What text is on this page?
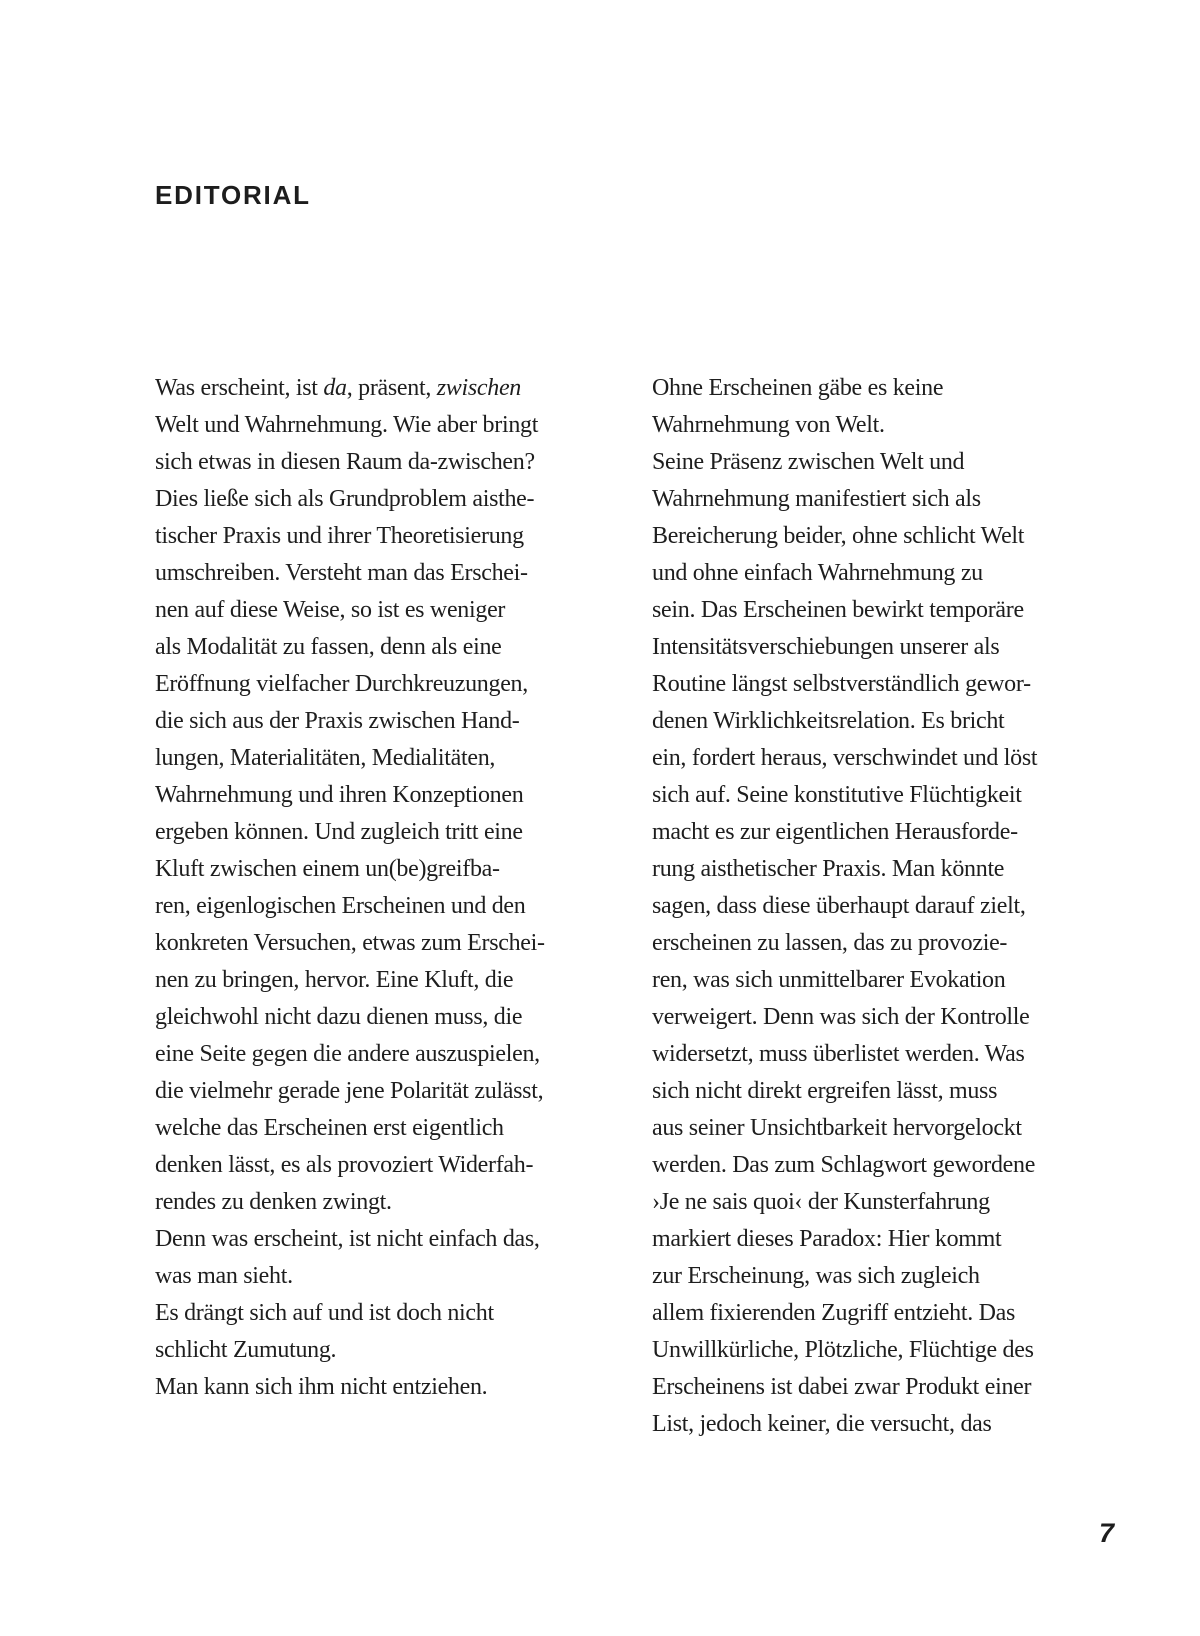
EDITORIAL
Was erscheint, ist da, präsent, zwischen
Welt und Wahrnehmung. Wie aber bringt
sich etwas in diesen Raum da-zwischen?
Dies ließe sich als Grundproblem aisthe-
tischer Praxis und ihrer Theoretisierung
umschreiben. Versteht man das Erschei-
nen auf diese Weise, so ist es weniger
als Modalität zu fassen, denn als eine
Eröffnung vielfacher Durchkreuzungen,
die sich aus der Praxis zwischen Hand-
lungen, Materialitäten, Medialitäten,
Wahrnehmung und ihren Konzeptionen
ergeben können. Und zugleich tritt eine
Kluft zwischen einem un(be)greifba-
ren, eigenlogischen Erscheinen und den
konkreten Versuchen, etwas zum Erschei-
nen zu bringen, hervor. Eine Kluft, die
gleichwohl nicht dazu dienen muss, die
eine Seite gegen die andere auszuspielen,
die vielmehr gerade jene Polarität zulässt,
welche das Erscheinen erst eigentlich
denken lässt, es als provoziert Widerfah-
rendes zu denken zwingt.
Denn was erscheint, ist nicht einfach das,
was man sieht.
Es drängt sich auf und ist doch nicht
schlicht Zumutung.
Man kann sich ihm nicht entziehen.
Ohne Erscheinen gäbe es keine
Wahrnehmung von Welt.
Seine Präsenz zwischen Welt und
Wahrnehmung manifestiert sich als
Bereicherung beider, ohne schlicht Welt
und ohne einfach Wahrnehmung zu
sein. Das Erscheinen bewirkt temporäre
Intensitätsverschiebungen unserer als
Routine längst selbstverständlich gewor-
denen Wirklichkeitsrelation. Es bricht
ein, fordert heraus, verschwindet und löst
sich auf. Seine konstitutive Flüchtigkeit
macht es zur eigentlichen Herausforde-
rung aisthetischer Praxis. Man könnte
sagen, dass diese überhaupt darauf zielt,
erscheinen zu lassen, das zu provozie-
ren, was sich unmittelbarer Evokation
verweigert. Denn was sich der Kontrolle
widersetzt, muss überlistet werden. Was
sich nicht direkt ergreifen lässt, muss
aus seiner Unsichtbarkeit hervorgelockt
werden. Das zum Schlagwort gewordene
›Je ne sais quoi‹ der Kunsterfahrung
markiert dieses Paradox: Hier kommt
zur Erscheinung, was sich zugleich
allem fixierenden Zugriff entzieht. Das
Unwillkürliche, Plötzliche, Flüchtige des
Erscheinens ist dabei zwar Produkt einer
List, jedoch keiner, die versucht, das
7
